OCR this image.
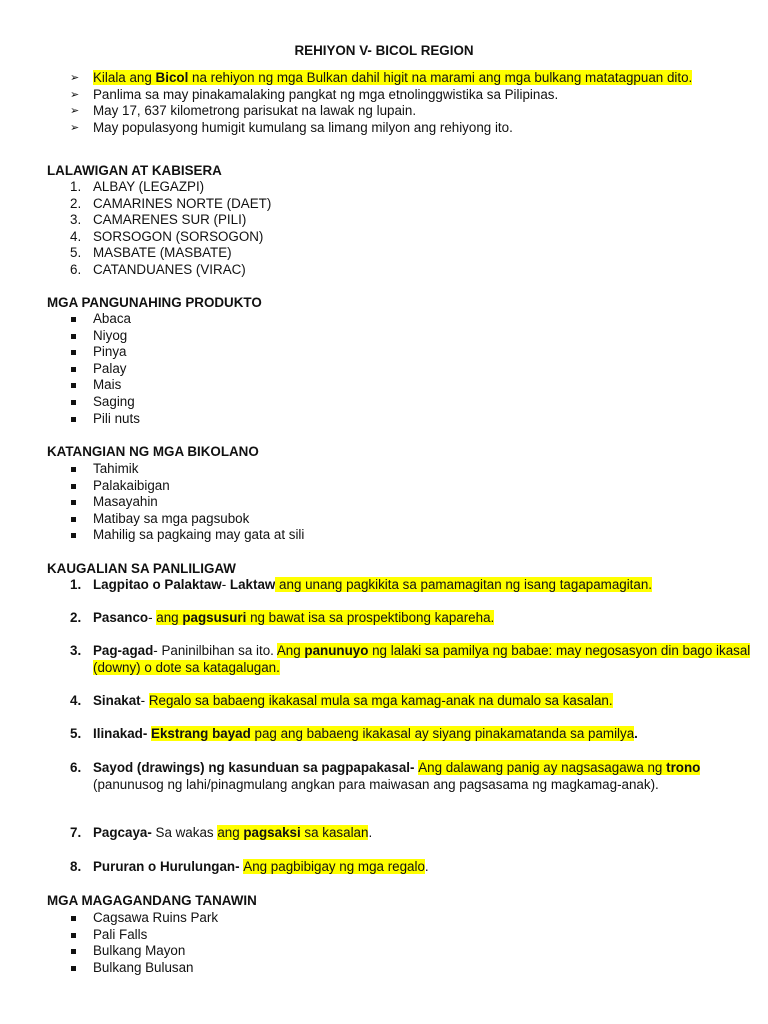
REHIYON V- BICOL REGION
➢ Kilala ang Bicol na rehiyon ng mga Bulkan dahil higit na marami ang mga bulkang matatagpuan dito.
➢ Panlima sa may pinakamalaking pangkat ng mga etnolinggwistika sa Pilipinas.
➢ May 17, 637 kilometrong parisukat na lawak ng lupain.
➢ May populasyong humigit kumulang sa limang milyon ang rehiyong ito.
LALAWIGAN AT KABISERA
1. ALBAY (LEGAZPI)
2. CAMARINES NORTE (DAET)
3. CAMARENES SUR (PILI)
4. SORSOGON (SORSOGON)
5. MASBATE (MASBATE)
6. CATANDUANES (VIRAC)
MGA PANGUNAHING PRODUKTO
Abaca
Niyog
Pinya
Palay
Mais
Saging
Pili nuts
KATANGIAN NG MGA BIKOLANO
Tahimik
Palakaibigan
Masayahin
Matibay sa mga pagsubok
Mahilig sa pagkaing may gata at sili
KAUGALIAN SA PANLILIGAW
1. Lagpitao o Palaktaw- Laktaw ang unang pagkikita sa pamamagitan ng isang tagapamagitan.
2. Pasanco- ang pagsusuri ng bawat isa sa prospektibong kapareha.
3. Pag-agad- Paninilbihan sa ito. Ang panunuyo ng lalaki sa pamilya ng babae: may negosasyon din bago ikasal (downy) o dote sa katagalugan.
4. Sinakat- Regalo sa babaeng ikakasal mula sa mga kamag-anak na dumalo sa kasalan.
5. Ilinakad- Ekstrang bayad pag ang babaeng ikakasal ay siyang pinakamatanda sa pamilya.
6. Sayod (drawings) ng kasunduan sa pagpapakasal- Ang dalawang panig ay nagsasagawa ng trono (panunusog ng lahi/pinagmulang angkan para maiwasan ang pagsasama ng magkamag-anak).
7. Pagcaya- Sa wakas ang pagsaksi sa kasalan.
8. Pururan o Hurulungan- Ang pagbibigay ng mga regalo.
MGA MAGAGANDANG TANAWIN
Cagsawa Ruins Park
Pali Falls
Bulkang Mayon
Bulkang Bulusan
